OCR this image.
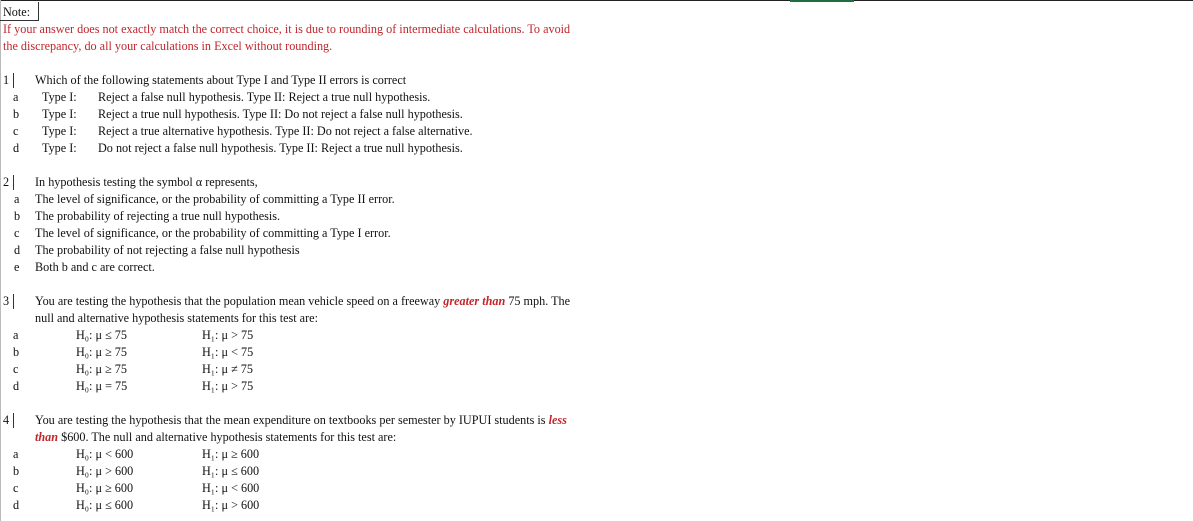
Note:
If your answer does not exactly match the correct choice, it is due to rounding of intermediate calculations. To avoid
the discrepancy, do all your calculations in Excel without rounding.
1 Which of the following statements about Type I and Type II errors is correct
a Type I: Reject a false null hypothesis. Type II: Reject a true null hypothesis.
b Type I: Reject a true null hypothesis. Type II: Do not reject a false null hypothesis.
c Type I: Reject a true alternative hypothesis. Type II: Do not reject a false alternative.
d Type I: Do not reject a false null hypothesis. Type II: Reject a true null hypothesis.
2 In hypothesis testing the symbol α represents,
a The level of significance, or the probability of committing a Type II error.
b The probability of rejecting a true null hypothesis.
c The level of significance, or the probability of committing a Type I error.
d The probability of not rejecting a false null hypothesis
e Both b and c are correct.
3 You are testing the hypothesis that the population mean vehicle speed on a freeway greater than 75 mph. The
null and alternative hypothesis statements for this test are:
a	H₀: μ ≤ 75	H₁: μ > 75
b	H₀: μ ≥ 75	H₁: μ < 75
c	H₀: μ ≥ 75	H₁: μ ≠ 75
d	H₀: μ = 75	H₁: μ > 75
4 You are testing the hypothesis that the mean expenditure on textbooks per semester by IUPUI students is less
than $600. The null and alternative hypothesis statements for this test are:
a	H₀: μ < 600	H₁: μ ≥ 600
b	H₀: μ > 600	H₁: μ ≤ 600
c	H₀: μ ≥ 600	H₁: μ < 600
d	H₀: μ ≤ 600	H₁: μ > 600
